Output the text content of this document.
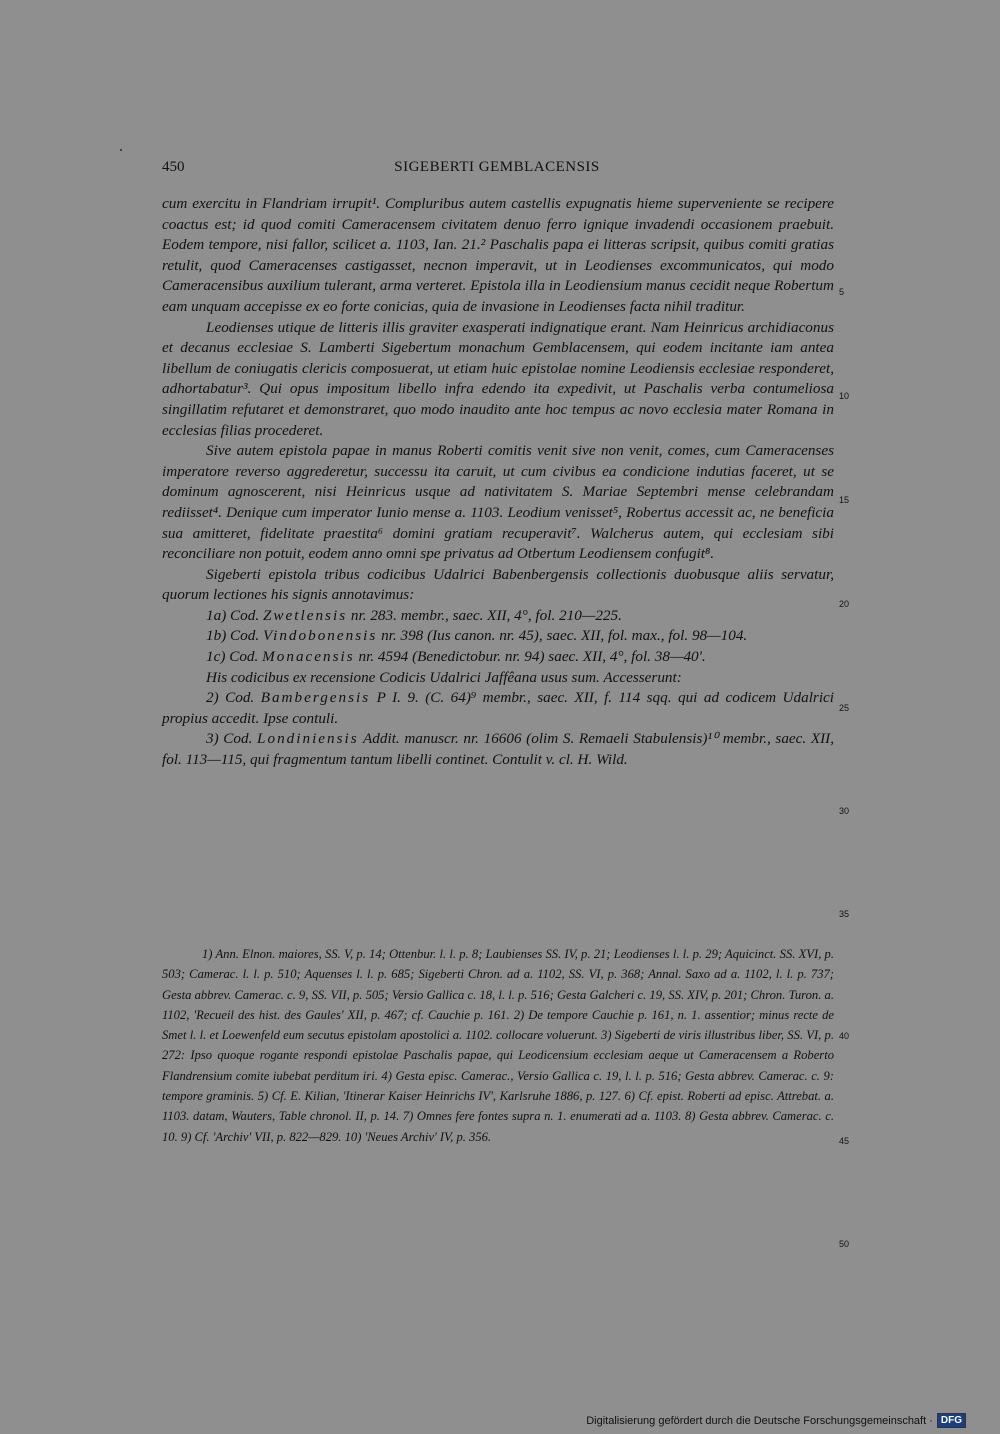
450	SIGEBERTI GEMBLACENSIS

cum exercitu in Flandriam irrupit¹. Compluribus autem castellis expugnatis hieme superveniente se recipere coactus est; id quod comiti Cameracensem civitatem denuo ferro ignique invadendi occasionem praebuit. Eodem tempore, nisi fallor, scilicet a. 1103, Ian. 21.² Paschalis papa ei litteras scripsit, quibus comiti gratias retulit, quod Cameracenses castigasset, necnon imperavit, ut in Leodienses excommunicatos, qui modo Cameracensibus auxilium tulerant, arma verteret. Epistola illa in Leodiensium manus cecidit neque Robertum eam unquam accepisse ex eo forte conicias, quia de invasione in Leodienses facta nihil traditur.

Leodienses utique de litteris illis graviter exasperati indignatique erant. Nam Heinricus archidiaconus et decanus ecclesiae S. Lamberti Sigebertum monachum Gemblacensem, qui eodem incitante iam antea libellum de coniugatis clericis composuerat, ut etiam huic epistolae nomine Leodiensis ecclesiae responderet, adhortabatur³. Qui opus impositum libello infra edendo ita expedivit, ut Paschalis verba contumeliosa singillatim refutaret et demonstraret, quo modo inaudito ante hoc tempus ac novo ecclesia mater Romana in ecclesias filias procederet.

Sive autem epistola papae in manus Roberti comitis venit sive non venit, comes, cum Cameracenses imperatore reverso aggrederetur, successu ita caruit, ut cum civibus ea condicione indutias faceret, ut se dominum agnoscerent, nisi Heinricus usque ad nativitatem S. Mariae Septembri mense celebrandam rediisset⁴. Denique cum imperator Iunio mense a. 1103. Leodium venisset⁵, Robertus accessit ac, ne beneficia sua amitteret, fidelitate praestita⁶ domini gratiam recuperavit⁷. Walcherus autem, qui ecclesiam sibi reconciliare non potuit, eodem anno omni spe privatus ad Otbertum Leodiensem confugit⁸.

Sigeberti epistola tribus codicibus Udalrici Babenbergensis collectionis duobusque aliis servatur, quorum lectiones his signis annotavimus:

1a) Cod. Zwetlensis nr. 283. membr., saec. XII, 4°, fol. 210—225.

1b) Cod. Vindobonensis nr. 398 (Ius canon. nr. 45), saec. XII, fol. max., fol. 98—104.

1c) Cod. Monacensis nr. 4594 (Benedictobur. nr. 94) saec. XII, 4°, fol. 38—40'.

His codicibus ex recensione Codicis Udalrici Jaffêana usus sum. Accesserunt:

2) Cod. Bambergensis P I. 9. (C. 64)⁹ membr., saec. XII, f. 114 sqq. qui ad codicem Udalrici propius accedit. Ipse contuli.

3) Cod. Londiniensis Addit. manuscr. nr. 16606 (olim S. Remaeli Stabulensis)¹⁰ membr., saec. XII, fol. 113—115, qui fragmentum tantum libelli continet. Contulit v. cl. H. Wild.

1) Ann. Elnon. maiores, SS. V, p. 14; Ottenbur. l. l. p. 8; Laubienses SS. IV, p. 21; Leodienses l. l. p. 29; Aquicinct. SS. XVI, p. 503; Camerac. l. l. p. 510; Aquenses l. l. p. 685; Sigeberti Chron. ad a. 1102, SS. VI, p. 368; Annal. Saxo ad a. 1102, l. l. p. 737; Gesta abbrev. Camerac. c. 9, SS. VII, p. 505; Versio Gallica c. 18, l. l. p. 516; Gesta Galcheri c. 19, SS. XIV, p. 201; Chron. Turon. a. 1102, 'Recueil des hist. des Gaules' XII, p. 467; cf. Cauchie p. 161. 2) De tempore Cauchie p. 161, n. 1. assentior; minus recte de Smet l. l. et Loewenfeld eum secutus epistolam apostolici a. 1102. collocare voluerunt. 3) Sigeberti de viris illustribus liber, SS. VI, p. 272: Ipso quoque rogante respondi epistolae Paschalis papae, qui Leodicensium ecclesiam aeque ut Cameracensem a Roberto Flandrensium comite iubebat perditum iri. 4) Gesta episc. Camerac., Versio Gallica c. 19, l. l. p. 516; Gesta abbrev. Camerac. c. 9: tempore graminis. 5) Cf. E. Kilian, 'Itinerar Kaiser Heinrichs IV', Karlsruhe 1886, p. 127. 6) Cf. epist. Roberti ad episc. Attrebat. a. 1103. datam, Wauters, Table chronol. II, p. 14. 7) Omnes fere fontes supra n. 1. enumerati ad a. 1103. 8) Gesta abbrev. Camerac. c. 10. 9) Cf. 'Archiv' VII, p. 822—829. 10) 'Neues Archiv' IV, p. 356.
5
10
15
20
25
30
35
40
45
50
Digitalisierung gefördert durch die Deutsche Forschungsgemeinschaft · DFG
